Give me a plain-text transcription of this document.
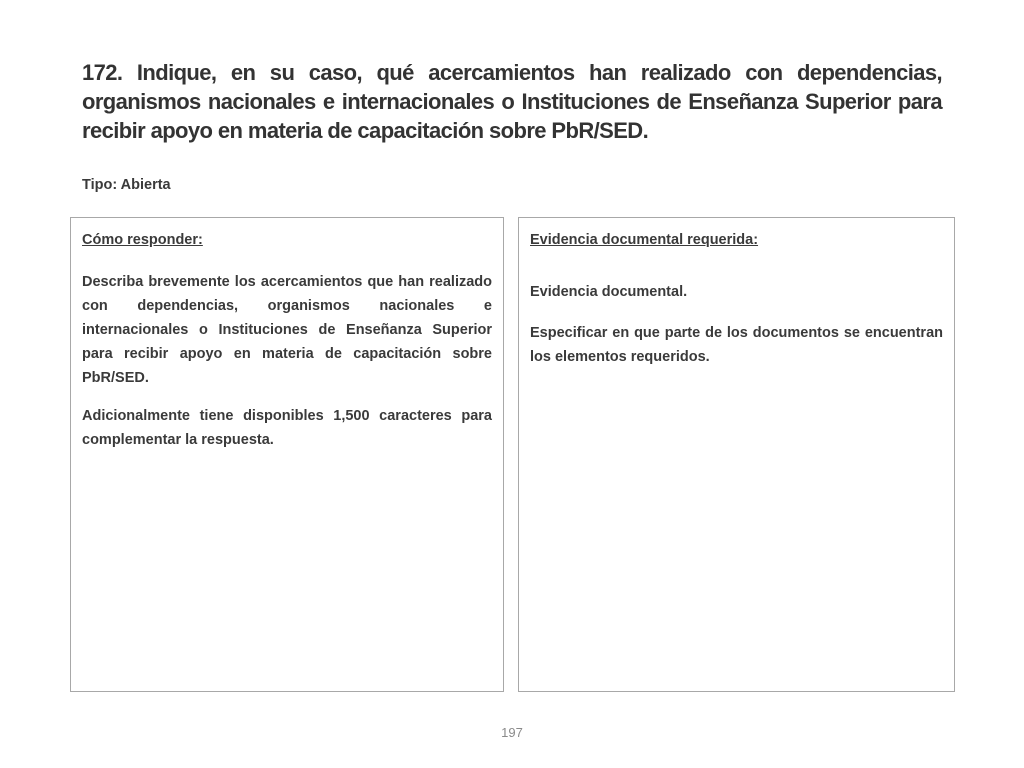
172. Indique, en su caso, qué acercamientos han realizado con dependencias, organismos nacionales e internacionales o Instituciones de Enseñanza Superior para recibir apoyo en materia de capacitación sobre PbR/SED.
Tipo: Abierta
Cómo responder:

Describa brevemente los acercamientos que han realizado con dependencias, organismos nacionales e internacionales o Instituciones de Enseñanza Superior para recibir apoyo en materia de capacitación sobre PbR/SED.

Adicionalmente tiene disponibles 1,500 caracteres para complementar la respuesta.

Evidencia documental requerida:

Evidencia documental.

Especificar en que parte de los documentos se encuentran los elementos requeridos.

197
